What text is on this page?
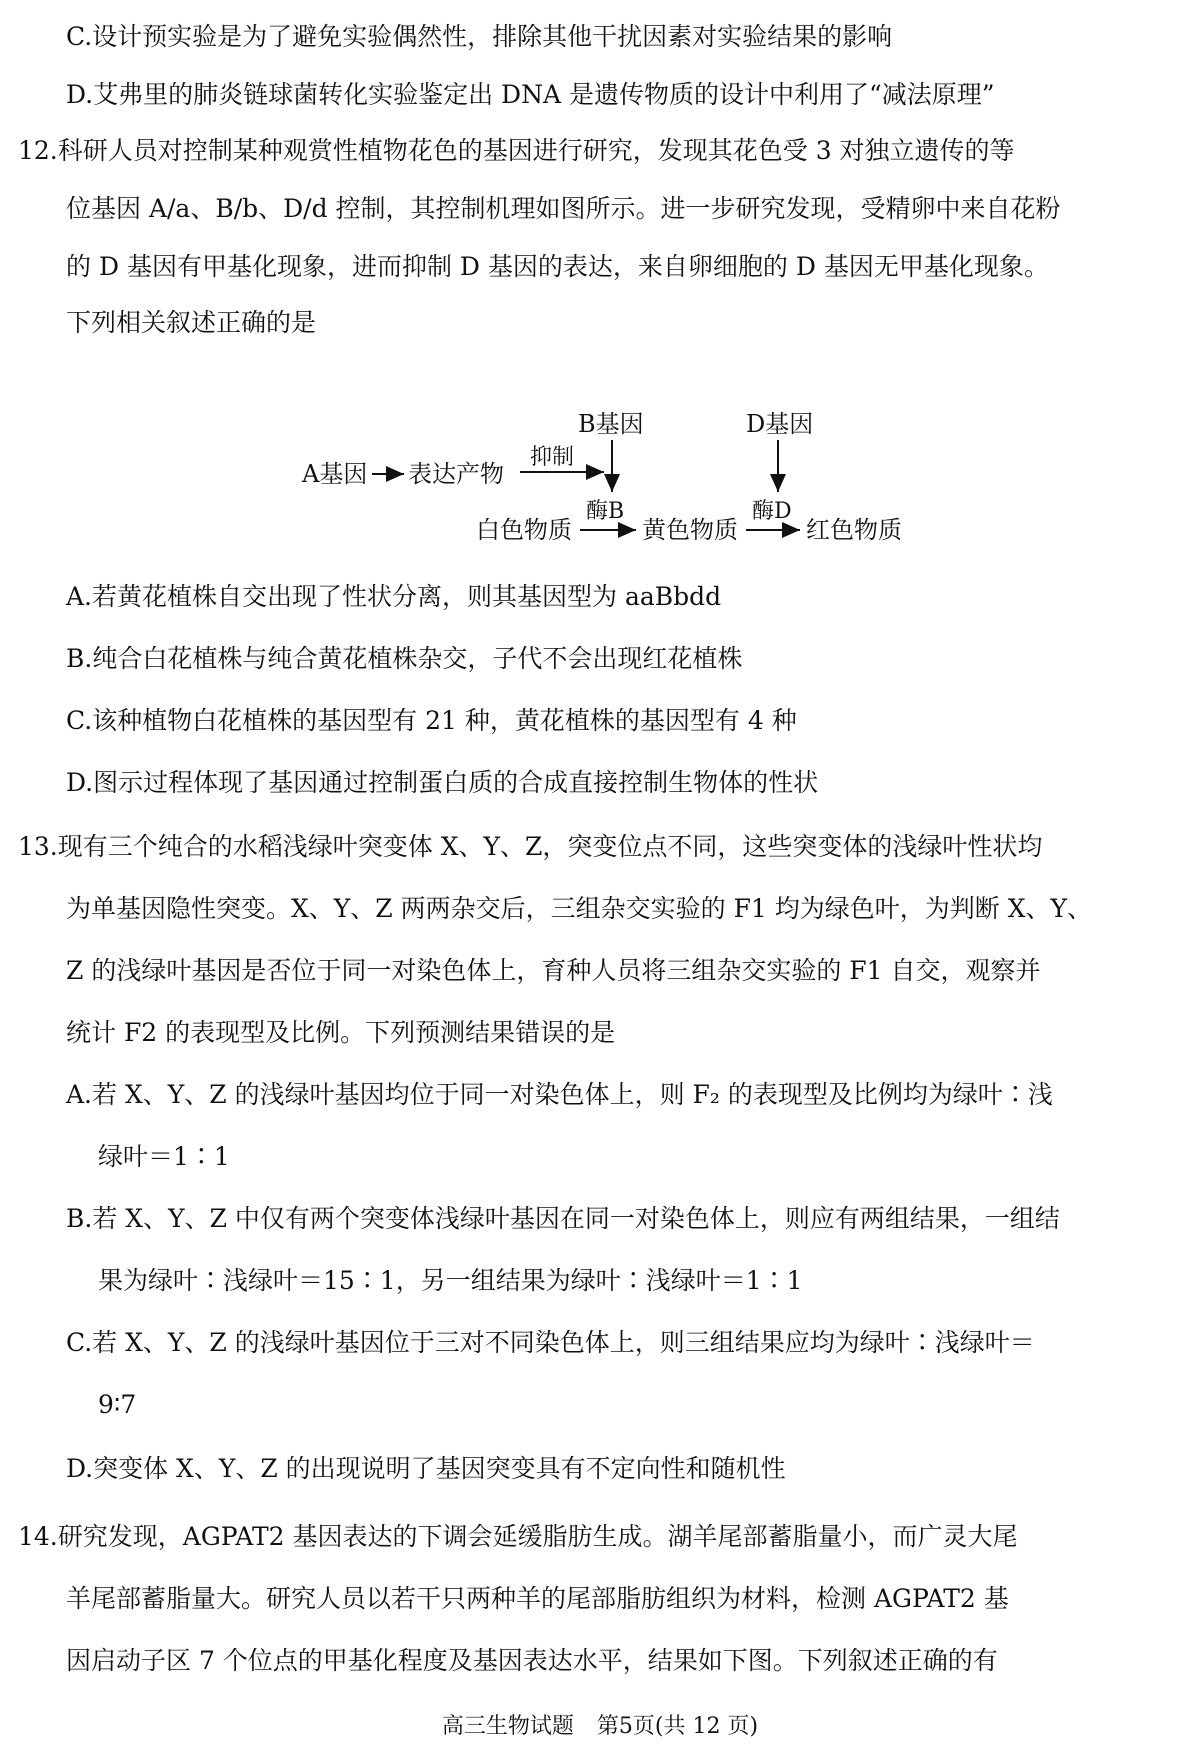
C.设计预实验是为了避免实验偶然性，排除其他干扰因素对实验结果的影响
D.艾弗里的肺炎链球菌转化实验鉴定出 DNA 是遗传物质的设计中利用了“减法原理”
12.科研人员对控制某种观赏性植物花色的基因进行研究，发现其花色受 3 对独立遗传的等
位基因 A/a、B/b、D/d 控制，其控制机理如图所示。进一步研究发现，受精卵中来自花粉
的 D 基因有甲基化现象，进而抑制 D 基因的表达，来自卵细胞的 D 基因无甲基化现象。
下列相关叙述正确的是
A基因 表达产物
抑制
B基因	D基因
白色物质
酶B
黄色物质
酶D
红色物质
A.若黄花植株自交出现了性状分离，则其基因型为 aaBbdd
B.纯合白花植株与纯合黄花植株杂交，子代不会出现红花植株
C.该种植物白花植株的基因型有 21 种，黄花植株的基因型有 4 种
D.图示过程体现了基因通过控制蛋白质的合成直接控制生物体的性状
13.现有三个纯合的水稻浅绿叶突变体 X、Y、Z，突变位点不同，这些突变体的浅绿叶性状均
为单基因隐性突变。X、Y、Z 两两杂交后，三组杂交实验的 F1 均为绿色叶，为判断 X、Y、
Z 的浅绿叶基因是否位于同一对染色体上，育种人员将三组杂交实验的 F1 自交，观察并
统计 F2 的表现型及比例。下列预测结果错误的是
A.若 X、Y、Z 的浅绿叶基因均位于同一对染色体上，则 F₂ 的表现型及比例均为绿叶∶浅
绿叶＝1∶1
B.若 X、Y、Z 中仅有两个突变体浅绿叶基因在同一对染色体上，则应有两组结果，一组结
果为绿叶∶浅绿叶＝15∶1，另一组结果为绿叶∶浅绿叶＝1∶1
C.若 X、Y、Z 的浅绿叶基因位于三对不同染色体上，则三组结果应均为绿叶∶浅绿叶＝
9∶7
D.突变体 X、Y、Z 的出现说明了基因突变具有不定向性和随机性
14.研究发现，AGPAT2 基因表达的下调会延缓脂肪生成。湖羊尾部蓄脂量小，而广灵大尾
羊尾部蓄脂量大。研究人员以若干只两种羊的尾部脂肪组织为材料，检测 AGPAT2 基
因启动子区 7 个位点的甲基化程度及基因表达水平，结果如下图。下列叙述正确的有
高三生物试题 第5页(共 12 页)
